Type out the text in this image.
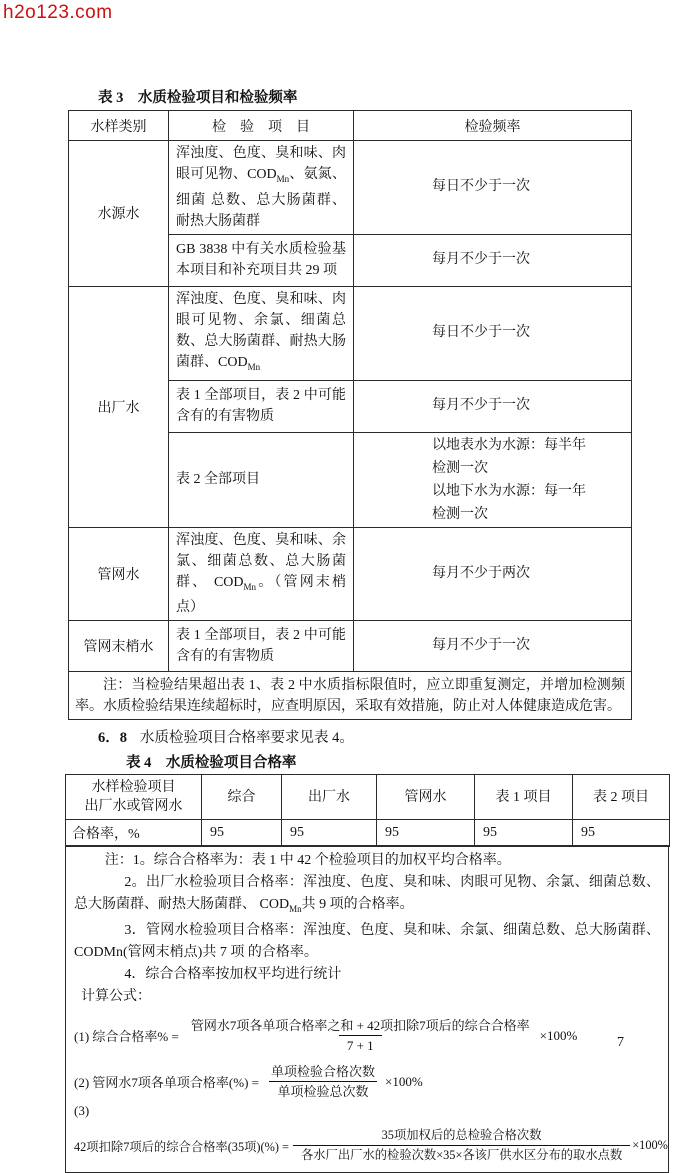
h2o123.com
表 3　水质检验项目和检验频率
水样类别	检　验　项　目	检验频率
水源水	浑浊度、色度、臭和味、肉眼可见物、$COD_{Mn}$、氨氮、细菌 总数、总大肠菌群、耐热大肠菌群	每日不少于一次
	GB 3838 中有关水质检验基本项目和补充项目共 29 项	每月不少于一次
出厂水	浑浊度、色度、臭和味、肉眼可见物、余氯、细菌总数、总大肠菌群、耐热大肠菌群、$COD_{Mn}$	每日不少于一次
	表 1 全部项目，表 2 中可能含有的有害物质	每月不少于一次
	表 2 全部项目	以地表水为水源：每半年
检测一次
以地下水为水源：每一年
检测一次

管网水	浑浊度、色度、臭和味、余氯、细菌总数、总大肠菌群、 $COD_{Mn}$。（管网末梢点）	每月不少于两次
管网末梢水	表 1 全部项目，表 2 中可能含有的有害物质	每月不少于一次
注：当检验结果超出表 1、表 2 中水质指标限值时，应立即重复测定，并增加检测频率。水质检验结果连续超标时，应查明原因，采取有效措施，防止对人体健康造成危害。		
6．8 水质检验项目合格率要求见表 4。
表 4　水质检验项目合格率
水样检验项目
出厂水或管网水	综合	出厂水	管网水	表 1 项目	表 2 项目
合格率，%	95	95	95	95	95

注：1。综合合格率为：表 1 中 42 个检验项目的加权平均合格率。

2。出厂水检验项目合格率：浑浊度、色度、臭和味、肉眼可见物、余氯、细菌总数、总大肠菌群、耐热大肠菌群、 $COD_{Mn}$共 9 项的合格率。

3．管网水检验项目合格率：浑浊度、色度、臭和味、余氯、细菌总数、总大肠菌群、CODMn(管网末梢点)共 7 项 的合格率。

4．综合合格率按加权平均进行统计

计算公式：

(1) 综合合格率% = $\frac{\text{管网水7项各单项合格率之和 + 42项扣除7项后的综合合格率}}{7 + 1} \times 100\%$
(2) 管网水7项各单项合格率(%) = $\frac{\text{单项检验合格次数}}{\text{单项检验总次数}} \times 100\%$

(3)

42项扣除7项后的综合合格率(35项)(%) = $\frac{\text{35项加权后的总检验合格次数}}{\text{各水厂出厂水的检验次数×35×各该厂供水区分布的取水点数}} \times 100\%$
7
